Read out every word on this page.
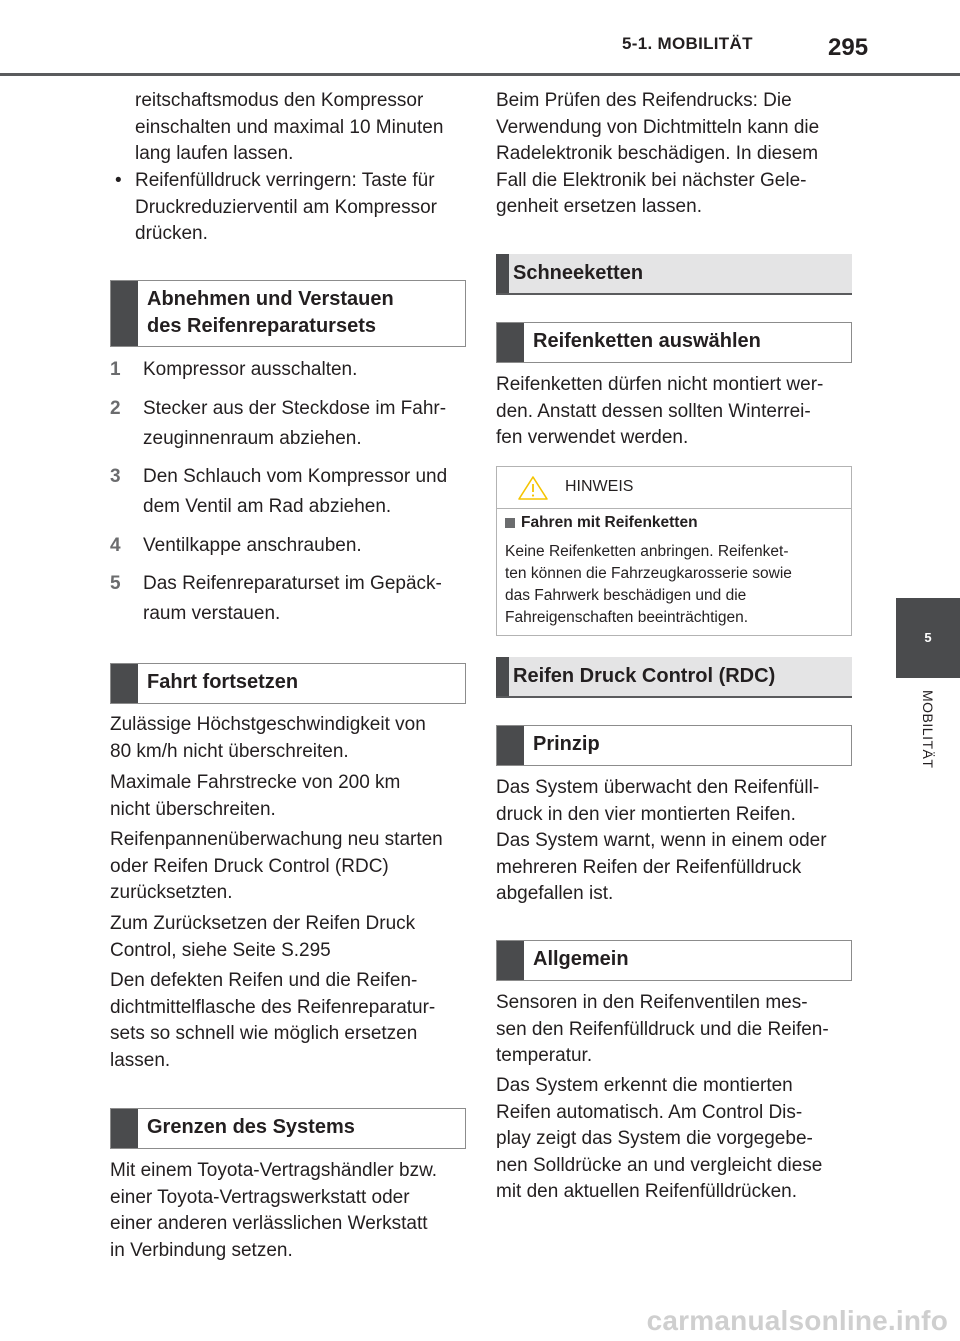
5-1. MOBILITÄT	295
5
MOBILITÄT
reitschaftsmodus den Kompressor
einschalten und maximal 10 Minuten
lang laufen lassen.
• Reifenfülldruck verringern: Taste für
Druckreduzierventil am Kompressor
drücken.
Abnehmen und Verstauen
des Reifenreparatursets
1 Kompressor ausschalten.
2 Stecker aus der Steckdose im Fahr-
zeuginnenraum abziehen.
3 Den Schlauch vom Kompressor und
dem Ventil am Rad abziehen.
4 Ventilkappe anschrauben.
5 Das Reifenreparaturset im Gepäck-
raum verstauen.
Fahrt fortsetzen
Zulässige Höchstgeschwindigkeit von
80 km/h nicht überschreiten.
Maximale Fahrstrecke von 200 km
nicht überschreiten.
Reifenpannenüberwachung neu starten
oder Reifen Druck Control (RDC)
zurücksetzten.
Zum Zurücksetzen der Reifen Druck
Control, siehe Seite S.295
Den defekten Reifen und die Reifen-
dichtmittelflasche des Reifenreparatur-
sets so schnell wie möglich ersetzen
lassen.
Grenzen des Systems
Mit einem Toyota-Vertragshändler bzw.
einer Toyota-Vertragswerkstatt oder
einer anderen verlässlichen Werkstatt
in Verbindung setzen.
Beim Prüfen des Reifendrucks: Die
Verwendung von Dichtmitteln kann die
Radelektronik beschädigen. In diesem
Fall die Elektronik bei nächster Gele-
genheit ersetzen lassen.
Schneeketten
Reifenketten auswählen
Reifenketten dürfen nicht montiert wer-
den. Anstatt dessen sollten Winterrei-
fen verwendet werden.
Reifen Druck Control (RDC)
Prinzip
Das System überwacht den Reifenfüll-
druck in den vier montierten Reifen.
Das System warnt, wenn in einem oder
mehreren Reifen der Reifenfülldruck
abgefallen ist.
Allgemein
Sensoren in den Reifenventilen mes-
sen den Reifenfülldruck und die Reifen-
temperatur.
Das System erkennt die montierten
Reifen automatisch. Am Control Dis-
play zeigt das System die vorgegebe-
nen Solldrücke an und vergleicht diese
mit den aktuellen Reifenfülldrücken.
HINWEIS
Fahren mit Reifenketten
Keine Reifenketten anbringen. Reifenket-
ten können die Fahrzeugkarosserie sowie
das Fahrwerk beschädigen und die
Fahreigenschaften beeinträchtigen.
carmanualsonline.info
